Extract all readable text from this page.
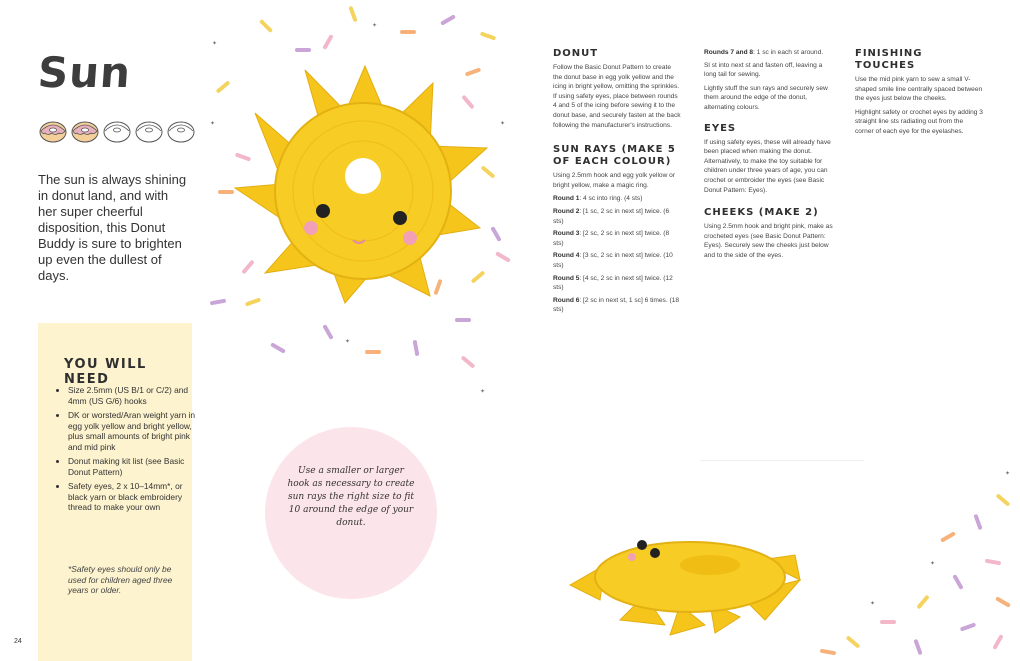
Sun
The sun is always shining in donut land, and with her super cheerful disposition, this Donut Buddy is sure to brighten up even the dullest of days.
YOU WILL NEED
• Size 2.5mm (US B/1 or C/2) and 4mm (US G/6) hooks
• DK or worsted/Aran weight yarn in egg yolk yellow and bright yellow, plus small amounts of bright pink and mid pink
• Donut making kit list (see Basic Donut Pattern)
• Safety eyes, 2 x 10–14mm*, or black yarn or black embroidery thread to make your own
*Safety eyes should only be used for children aged three years or older.
24
✦
✦
✦
✦
✦
✦
Use a smaller or larger hook as necessary to create sun rays the right size to fit 10 around the edge of your donut.
✦
✦
✦
DONUT

Follow the Basic Donut Pattern to create the donut base in egg yolk yellow and the icing in bright yellow, omitting the sprinkles. If using safety eyes, place between rounds 4 and 5 of the icing before sewing it to the donut base, and securely fasten at the back following the manufacturer's instructions.

SUN RAYS (MAKE 5 OF EACH COLOUR)

Using 2.5mm hook and egg yolk yellow or bright yellow, make a magic ring.

Round 1: 4 sc into ring. (4 sts)
Round 2: [1 sc, 2 sc in next st] twice. (6 sts)
Round 3: [2 sc, 2 sc in next st] twice. (8 sts)
Round 4: [3 sc, 2 sc in next st] twice. (10 sts)
Round 5: [4 sc, 2 sc in next st] twice. (12 sts)
Round 6: [2 sc in next st, 1 sc] 6 times. (18 sts)
Rounds 7 and 8: 1 sc in each st around.

Sl st into next st and fasten off, leaving a long tail for sewing.

Lightly stuff the sun rays and securely sew them around the edge of the donut, alternating colours.

EYES

If using safety eyes, these will already have been placed when making the donut. Alternatively, to make the toy suitable for children under three years of age, you can crochet or embroider the eyes (see Basic Donut Pattern: Eyes).

CHEEKS (MAKE 2)

Using 2.5mm hook and bright pink, make as crocheted eyes (see Basic Donut Pattern: Eyes). Securely sew the cheeks just below and to the side of the eyes.

FINISHING TOUCHES

Use the mid pink yarn to sew a small V-shaped smile line centrally spaced between the eyes just below the cheeks.

Highlight safety or crochet eyes by adding 3 straight line sts radiating out from the corner of each eye for the eyelashes.
